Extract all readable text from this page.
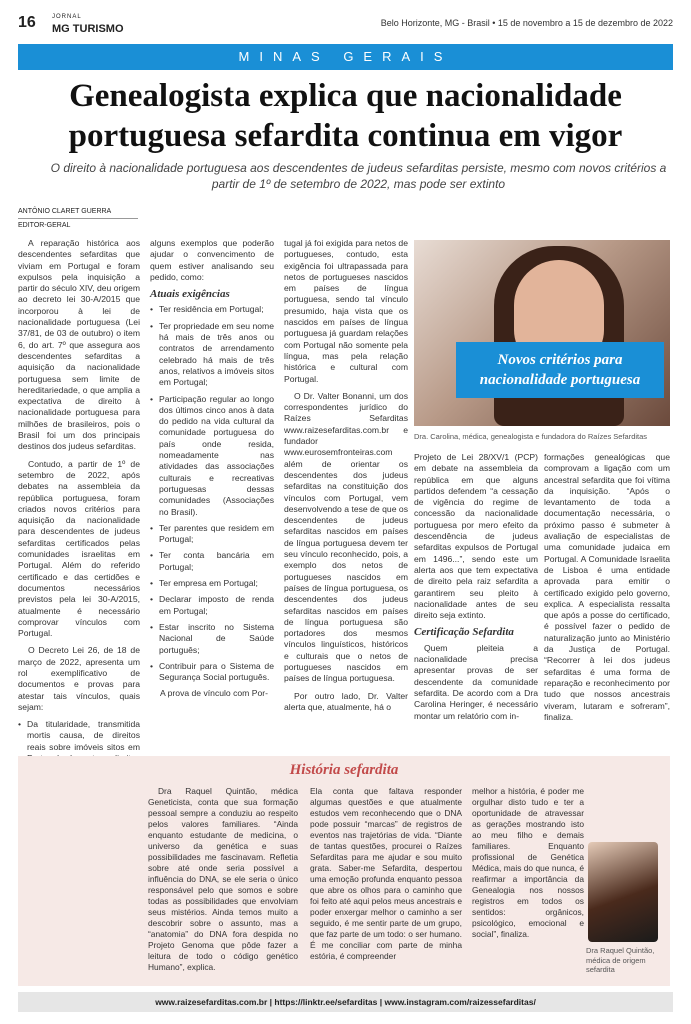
16	JORNAL
MG TURISMO	Belo Horizonte, MG - Brasil • 15 de novembro a 15 de dezembro de 2022
MINAS GERAIS
Genealogista explica que nacionalidade portuguesa sefardita continua em vigor

O direito à nacionalidade portuguesa aos descendentes de judeus sefarditas persiste, mesmo com novos critérios a partir de 1º de setembro de 2022, mas pode ser extinto

ANTÔNIO CLARET GUERRA
EDITOR-GERAL

A reparação histórica aos descendentes sefarditas que viviam em Portugal e foram expulsos pela inquisição a partir do século XIV, deu origem ao decreto lei 30-A/2015 que incorporou à lei de nacionalidade portuguesa (Lei 37/81, de 03 de outubro) o item 6, do art. 7º que assegura aos descendentes sefarditas a aquisição da nacionalidade portuguesa sem limite de hereditariedade, o que amplia a expectativa de direito à nacionalidade portuguesa para milhões de brasileiros, pois o Brasil foi um dos principais destinos dos judeus sefarditas.

Contudo, a partir de 1º de setembro de 2022, após debates na assembleia da república portuguesa, foram criados novos critérios para aquisição da nacionalidade para descendentes de judeus sefarditas certificados pelas comunidades israelitas em Portugal. Além do referido certificado e das certidões e documentos necessários previstos pela lei 30-A/2015, atualmente é necessário comprovar vínculos com Portugal.

O Decreto Lei 26, de 18 de março de 2022, apresenta um rol exemplificativo de documentos e provas para atestar tais vínculos, quais sejam:

• Da titularidade, transmitida mortis causa, de direitos reais sobre imóveis sitos em
•

alguns exemplos que poderão ajudar o convencimento de quem estiver analisando seu pedido, como:

Atuais exigências
• Ter residência em Portugal;
• Ter propriedade em seu nome há mais de três anos ou contratos de arrendamento celebrado há mais de três anos, relativos a imóveis sitos em Portugal;
• Participação regular ao longo dos últimos cinco anos à data do pedido na vida cultural da comunidade portuguesa do país onde resida, nomeadamente nas atividades das associações culturais e recreativas portuguesas dessas comunidades (Associações no Brasil).
• Ter parentes que residem em Portugal;
• Ter conta bancária em Portugal;
• Ter empresa em Portugal;
• Declarar imposto de renda em Portugal;
• Estar inscrito no Sistema Nacional de Saúde português;
• Contribuir para o Sistema de Segurança Social português.

A prova de vínculo com Por-

tugal já foi exigida para netos de portugueses, contudo, esta exigência foi ultrapassada para netos de portugueses nascidos em países de língua portuguesa, sendo tal vínculo presumido, haja vista que os nascidos em países de língua portuguesa já guardam relações com Portugal não somente pela língua, mas pela relação histórica e cultural com Portugal.

O Dr. Valter Bonanni, um dos correspondentes jurídico do Raízes Sefarditas www.raizesefarditas.com.br e fundador www.eurosemfronteiras.com além de orientar os descendentes dos judeus sefarditas na constituição dos vínculos com Portugal, vem desenvolvendo a tese de que os descendentes de judeus sefarditas nascidos em países de língua portuguesa devem ter seu vínculo reconhecido, pois, a exemplo dos netos de portugueses nascidos em países de língua portuguesa, os descendentes dos judeus sefarditas nascidos em países de língua portuguesa são portadores dos mesmos vínculos linguísticos, históricos e culturais que o netos de portugueses nascidos em países de língua portuguesa.

Por outro lado, Dr. Valter alerta que, atualmente, há o

Novos critérios para nacionalidade portuguesa
Dra. Carolina, médica, genealogista e fundadora do Raízes Sefarditas

Projeto de Lei 28/XV/1 (PCP) em debate na assembleia da república em que alguns partidos defendem “a cessação de vigência do regime de concessão da nacionalidade portuguesa por mero efeito da descendência de judeus sefarditas expulsos de Portugal em 1496...”, sendo este um alerta aos que tem expectativa de direito pela raiz sefardita a garantirem seu pleito à nacionalidade antes de seu direito seja extinto.

Certificação Sefardita

Quem pleiteia a nacionalidade precisa apresentar provas de ser descendente da comunidade sefardita. De acordo com a Dra Carolina Heringer, é necessário montar um relatório com in-

formações genealógicas que comprovam a ligação com um ancestral sefardita que foi vítima da inquisição. “Após o levantamento de toda a documentação necessária, o próximo passo é submeter à avaliação de especialistas de uma comunidade judaica em Portugal. A Comunidade Israelita de Lisboa é uma entidade aprovada para emitir o certificado exigido pelo governo, explica. A especialista ressalta que após a posse do certificado, é possível fazer o pedido de naturalização junto ao Ministério da Justiça de Portugal. “Recorrer à lei dos judeus sefarditas é uma forma de reparação e reconhecimento por tudo que nossos ancestrais viveram, lutaram e sofreram”, finaliza.

História sefardita

Dra Raquel Quintão, médica Geneticista, conta que sua formação pessoal sempre a conduziu ao respeito pelos valores familiares. “Ainda enquanto estudante de medicina, o universo da genética e suas possibilidades me fascinavam. Refletia sobre até onde seria possível a influência do DNA, se ele seria o único responsável pelo que somos e sobre todas as possibilidades que envolviam seus mistérios. Ainda temos muito a descobrir sobre o assunto, mas a “anatomia” do DNA fora despida no Projeto Genoma que pôde fazer a leitura de todo o código genético Humano”, explica.

Ela conta que faltava responder algumas questões e que atualmente estudos vem reconhecendo que o DNA pode possuir “marcas” de registros de eventos nas trajetórias de vida. “Diante de tantas questões, procurei o Raízes Sefarditas para me ajudar e sou muito grata. Saber-me Sefardita, despertou uma emoção profunda enquanto pessoa que abre os olhos para o caminho que foi feito até aqui pelos meus ancestrais e poder enxergar melhor o caminho a ser seguido, é me sentir parte de um grupo, que faz parte de um todo: o ser humano. É me conciliar com parte de minha estória, é compreender

melhor a história, é poder me orgulhar disto tudo e ter a oportunidade de atravessar as gerações mostrando isto ao meu filho e demais familiares. Enquanto profissional de Genética Médica, mais do que nunca, é reafirmar a importância da Genealogia nos nossos registros em todos os sentidos: orgânicos, psicológico, emocional e social”, finaliza.

Dra Raquel Quintão, médica de origem sefardita
www.raizesefarditas.com.br | https://linktr.ee/sefarditas | www.instagram.com/raizessefarditas/
